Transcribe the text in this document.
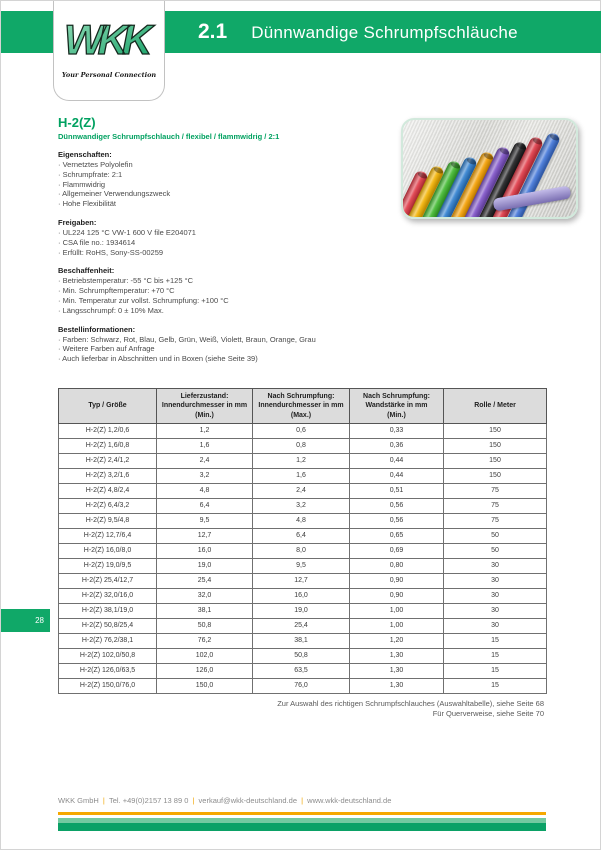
2.1 Dünnwandige Schrumpfschläuche
WKK
Your Personal Connection
H-2(Z)
Dünnwandiger Schrumpfschlauch / flexibel / flammwidrig / 2:1
Eigenschaften:
· Vernetztes Polyolefin
· Schrumpfrate: 2:1
· Flammwidrig
· Allgemeiner Verwendungszweck
· Hohe Flexibilität
Freigaben:
· UL224 125 °C VW-1 600 V file E204071
· CSA file no.: 1934614
· Erfüllt: RoHS, Sony-SS-00259
Beschaffenheit:
· Betriebstemperatur: -55 °C bis +125 °C
· Min. Schrumpftemperatur: +70 °C
· Min. Temperatur zur vollst. Schrumpfung: +100 °C
· Längsschrumpf: 0 ± 10% Max.
Bestellinformationen:
· Farben: Schwarz, Rot, Blau, Gelb, Grün, Weiß, Violett, Braun, Orange, Grau
· Weitere Farben auf Anfrage
· Auch lieferbar in Abschnitten und in Boxen (siehe Seite 39)
Typ / Größe	Lieferzustand:
Innendurchmesser in mm
(Min.)	Nach Schrumpfung:
Innendurchmesser in mm
(Max.)	Nach Schrumpfung:
Wandstärke in mm
(Min.)	Rolle / Meter
H-2(Z) 1,2/0,6	1,2	0,6	0,33	150
H-2(Z) 1,6/0,8	1,6	0,8	0,36	150
H-2(Z) 2,4/1,2	2,4	1,2	0,44	150
H-2(Z) 3,2/1,6	3,2	1,6	0,44	150
H-2(Z) 4,8/2,4	4,8	2,4	0,51	75
H-2(Z) 6,4/3,2	6,4	3,2	0,56	75
H-2(Z) 9,5/4,8	9,5	4,8	0,56	75
H-2(Z) 12,7/6,4	12,7	6,4	0,65	50
H-2(Z) 16,0/8,0	16,0	8,0	0,69	50
H-2(Z) 19,0/9,5	19,0	9,5	0,80	30
H-2(Z) 25,4/12,7	25,4	12,7	0,90	30
H-2(Z) 32,0/16,0	32,0	16,0	0,90	30
H-2(Z) 38,1/19,0	38,1	19,0	1,00	30
H-2(Z) 50,8/25,4	50,8	25,4	1,00	30
H-2(Z) 76,2/38,1	76,2	38,1	1,20	15
H-2(Z) 102,0/50,8	102,0	50,8	1,30	15
H-2(Z) 126,0/63,5	126,0	63,5	1,30	15
H-2(Z) 150,0/76,0	150,0	76,0	1,30	15
Zur Auswahl des richtigen Schrumpfschlauches (Auswahltabelle), siehe Seite 68
Für Querverweise, siehe Seite 70
28
WKK GmbH | Tel. +49(0)2157 13 89 0 | verkauf@wkk-deutschland.de | www.wkk-deutschland.de
